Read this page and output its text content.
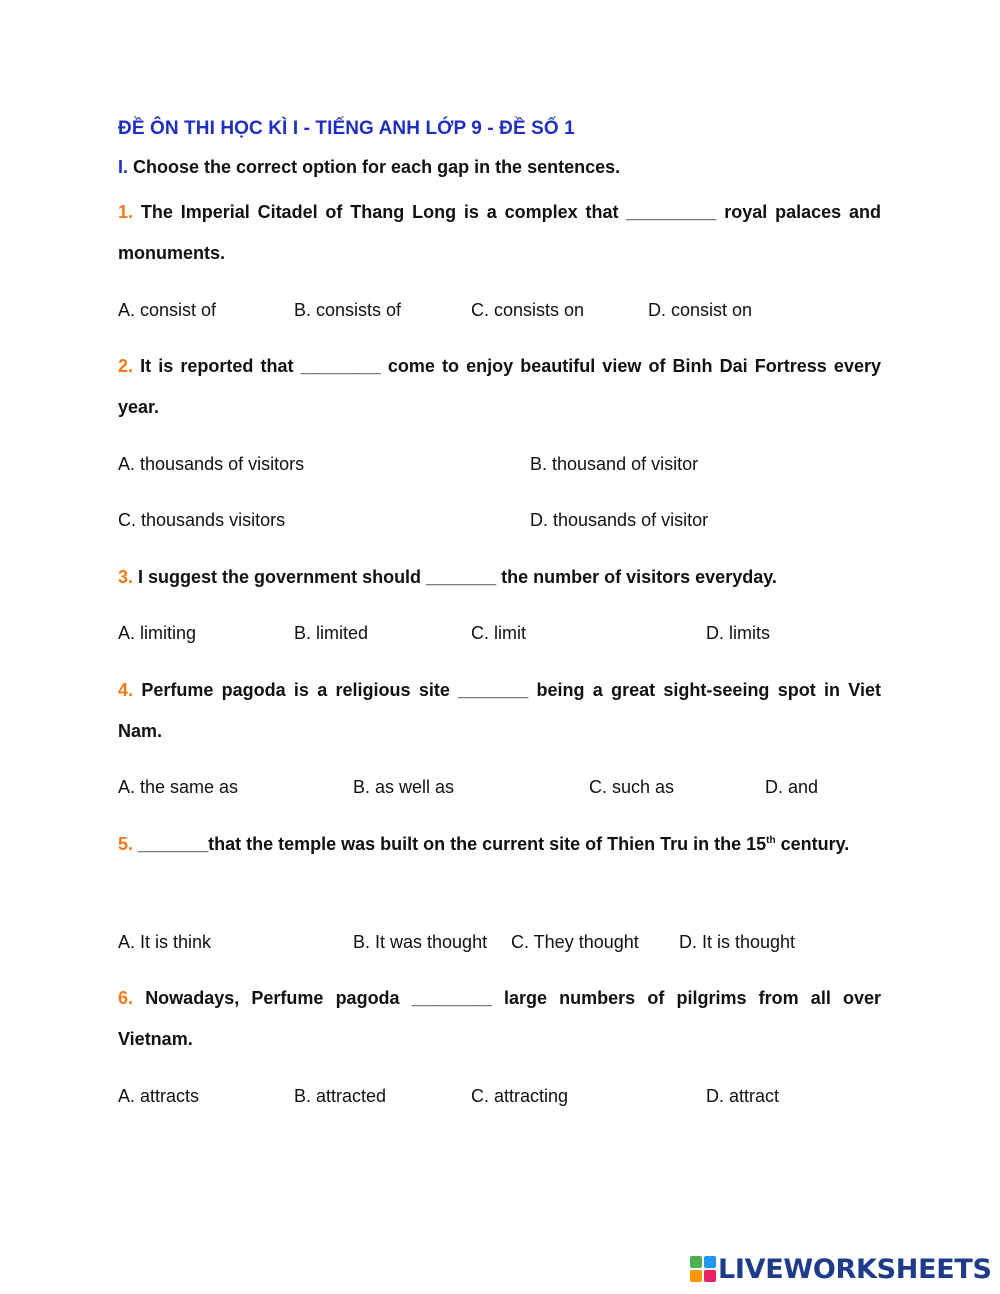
ĐỀ ÔN THI HỌC KÌ I - TIẾNG ANH LỚP 9 - ĐỀ SỐ 1
I. Choose the correct option for each gap in the sentences.
1. The Imperial Citadel of Thang Long is a complex that _________ royal palaces and monuments.
A. consist of	B. consists of	C. consists on	D. consist on
2. It is reported that ________ come to enjoy beautiful view of Binh Dai Fortress every year.
A. thousands of visitors	B. thousand of visitor
C. thousands visitors	D. thousands of visitor
3. I suggest the government should _______ the number of visitors everyday.
A. limiting	B. limited	C. limit	D. limits
4. Perfume pagoda is a religious site _______ being a great sight-seeing spot in Viet Nam.
A. the same as	B. as well as	C. such as	D. and
5. _______that the temple was built on the current site of Thien Tru in the 15th century.
A. It is think	B. It was thought C. They thought D. It is thought
6. Nowadays, Perfume pagoda ________ large numbers of pilgrims from all over Vietnam.
A. attracts	B. attracted	C. attracting	D. attract
LIVEWORKSHEETS
